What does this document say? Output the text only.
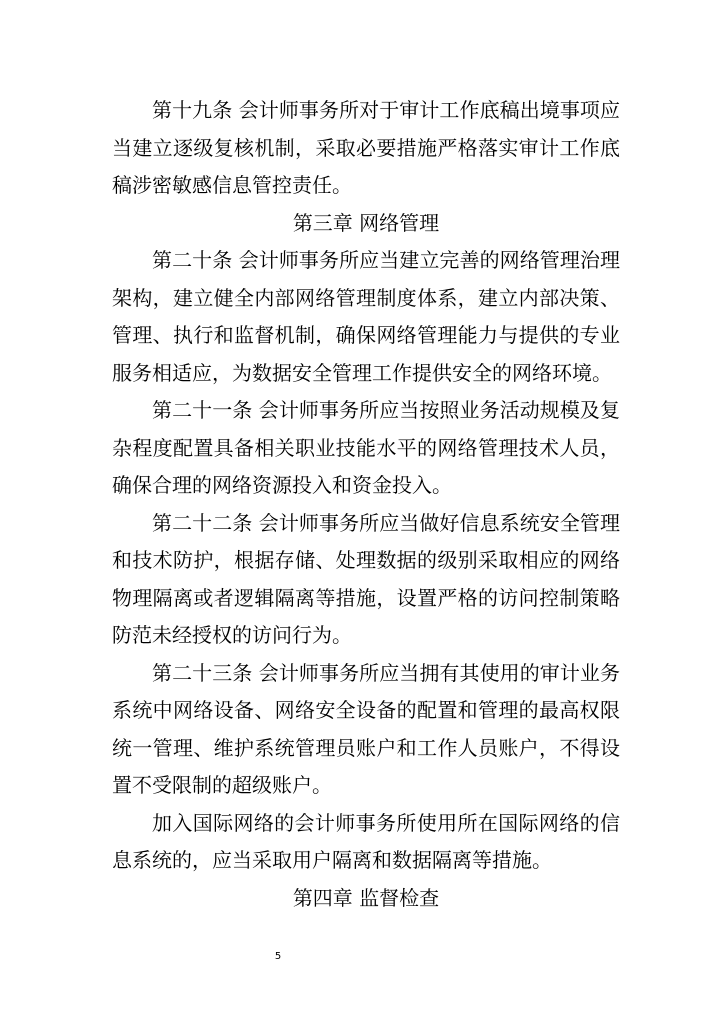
第十九条 会计师事务所对于审计工作底稿出境事项应当建立逐级复核机制，采取必要措施严格落实审计工作底稿涉密敏感信息管控责任。

第三章 网络管理

第二十条 会计师事务所应当建立完善的网络管理治理架构，建立健全内部网络管理制度体系，建立内部决策、管理、执行和监督机制，确保网络管理能力与提供的专业服务相适应，为数据安全管理工作提供安全的网络环境。

第二十一条 会计师事务所应当按照业务活动规模及复杂程度配置具备相关职业技能水平的网络管理技术人员，确保合理的网络资源投入和资金投入。

第二十二条 会计师事务所应当做好信息系统安全管理和技术防护，根据存储、处理数据的级别采取相应的网络物理隔离或者逻辑隔离等措施，设置严格的访问控制策略防范未经授权的访问行为。

第二十三条 会计师事务所应当拥有其使用的审计业务系统中网络设备、网络安全设备的配置和管理的最高权限统一管理、维护系统管理员账户和工作人员账户，不得设置不受限制的超级账户。

加入国际网络的会计师事务所使用所在国际网络的信息系统的，应当采取用户隔离和数据隔离等措施。

第四章 监督检查
5
